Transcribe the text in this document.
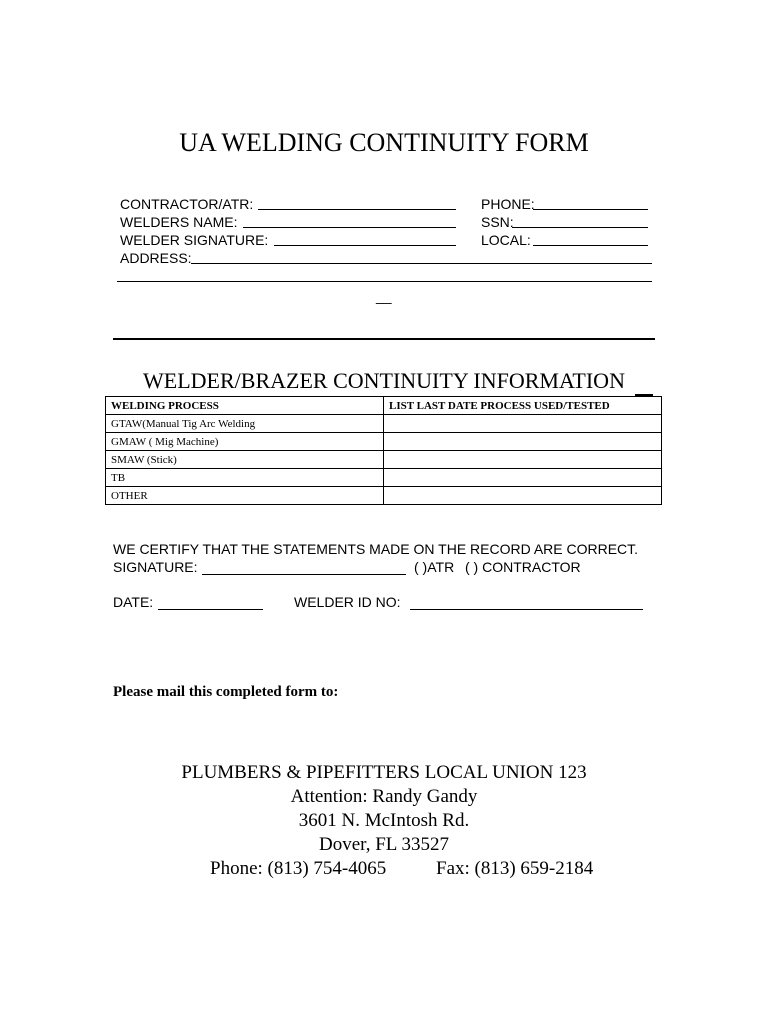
UA WELDING CONTINUITY FORM
CONTRACTOR/ATR:	PHONE:
WELDERS NAME:	SSN:
WELDER SIGNATURE:	LOCAL:
ADDRESS:
__
WELDER/BRAZER CONTINUITY INFORMATION
WELDING PROCESS	LIST LAST DATE PROCESS USED/TESTED
GTAW(Manual Tig Arc Welding	
GMAW ( Mig Machine)	
SMAW (Stick)	
TB	
OTHER	
WE CERTIFY THAT THE STATEMENTS MADE ON THE RECORD ARE CORRECT.
SIGNATURE:	( )ATR ( ) CONTRACTOR
DATE:	WELDER ID NO:
Please mail this completed form to:
PLUMBERS & PIPEFITTERS LOCAL UNION 123
Attention: Randy Gandy
3601 N. McIntosh Rd.
Dover, FL 33527
Phone: (813) 754-4065	Fax: (813) 659-2184
